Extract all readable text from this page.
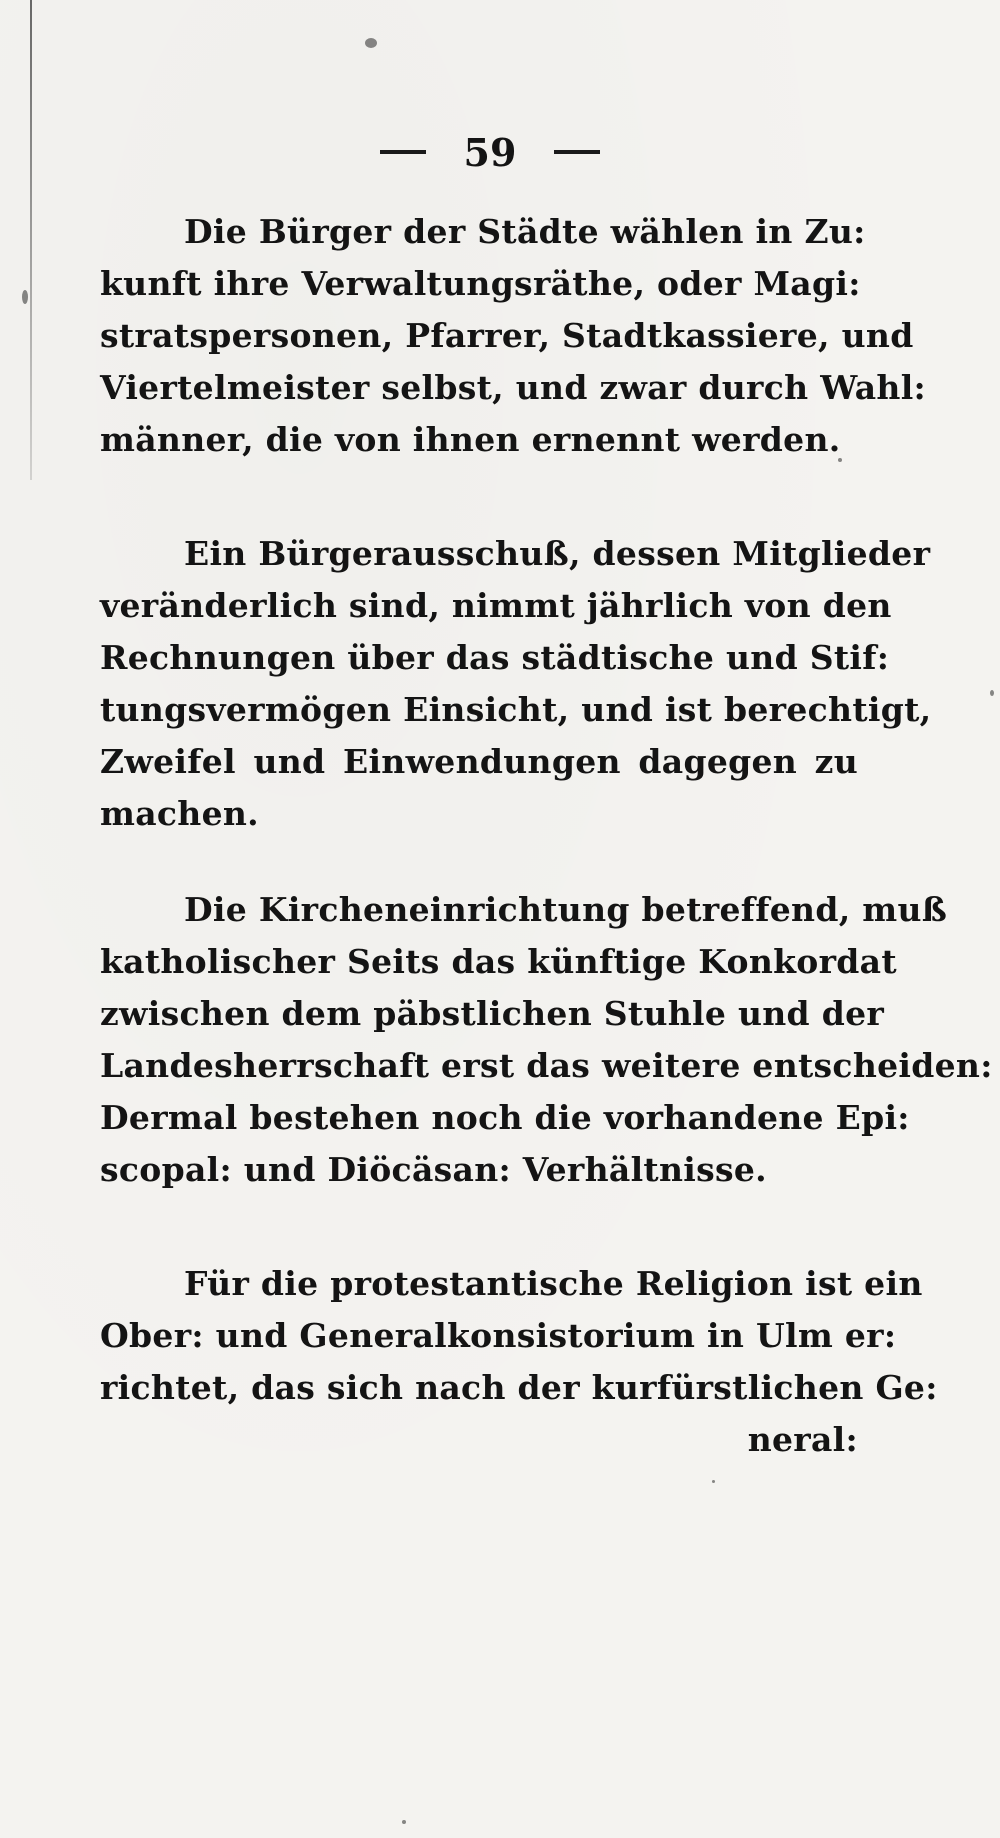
59
Die Bürger der Städte wählen in Zu:
kunft ihre Verwaltungsräthe, oder Magi:
stratspersonen, Pfarrer, Stadtkassiere, und
Viertelmeister selbst, und zwar durch Wahl:
männer, die von ihnen ernennt werden.
Ein Bürgerausschuß, dessen Mitglieder
veränderlich sind, nimmt jährlich von den
Rechnungen über das städtische und Stif:
tungsvermögen Einsicht, und ist berechtigt,
Zweifel und Einwendungen dagegen zu
machen.
Die Kircheneinrichtung betreffend, muß
katholischer Seits das künftige Konkordat
zwischen dem päbstlichen Stuhle und der
Landesherrschaft erst das weitere entscheiden:
Dermal bestehen noch die vorhandene Epi:
scopal: und Diöcäsan: Verhältnisse.
Für die protestantische Religion ist ein
Ober: und Generalkonsistorium in Ulm er:
richtet, das sich nach der kurfürstlichen Ge:
neral:
